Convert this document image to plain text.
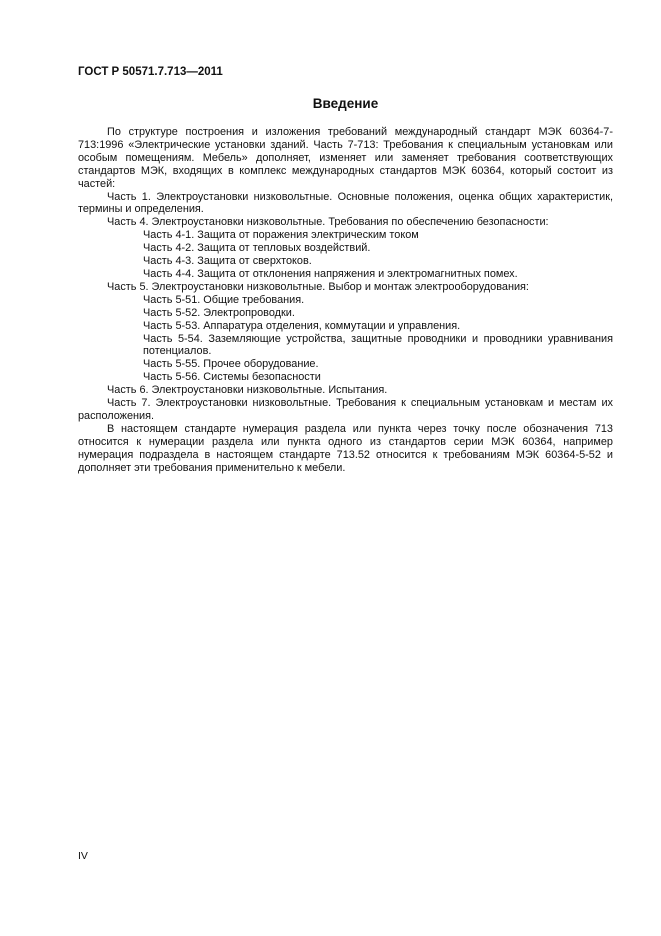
ГОСТ Р 50571.7.713—2011
Введение

По структуре построения и изложения требований международный стандарт МЭК 60364-7-713:1996 «Электрические установки зданий. Часть 7-713: Требования к специальным установкам или особым помещениям. Мебель» дополняет, изменяет или заменяет требования соответствующих стандартов МЭК, входящих в комплекс международных стандартов МЭК 60364, который состоит из частей:

Часть 1. Электроустановки низковольтные. Основные положения, оценка общих характеристик, термины и определения.

Часть 4. Электроустановки низковольтные. Требования по обеспечению безопасности:

Часть 4-1. Защита от поражения электрическим током

Часть 4-2. Защита от тепловых воздействий.

Часть 4-3. Защита от сверхтоков.

Часть 4-4. Защита от отклонения напряжения и электромагнитных помех.

Часть 5. Электроустановки низковольтные. Выбор и монтаж электрооборудования:

Часть 5-51. Общие требования.

Часть 5-52. Электропроводки.

Часть 5-53. Аппаратура отделения, коммутации и управления.

Часть 5-54. Заземляющие устройства, защитные проводники и проводники уравнивания потенциалов.

Часть 5-55. Прочее оборудование.

Часть 5-56. Системы безопасности

Часть 6. Электроустановки низковольтные. Испытания.

Часть 7. Электроустановки низковольтные. Требования к специальным установкам и местам их расположения.

В настоящем стандарте нумерация раздела или пункта через точку после обозначения 713 относится к нумерации раздела или пункта одного из стандартов серии МЭК 60364, например нумерация подраздела в настоящем стандарте 713.52 относится к требованиям МЭК 60364-5-52 и дополняет эти требования применительно к мебели.

IV
